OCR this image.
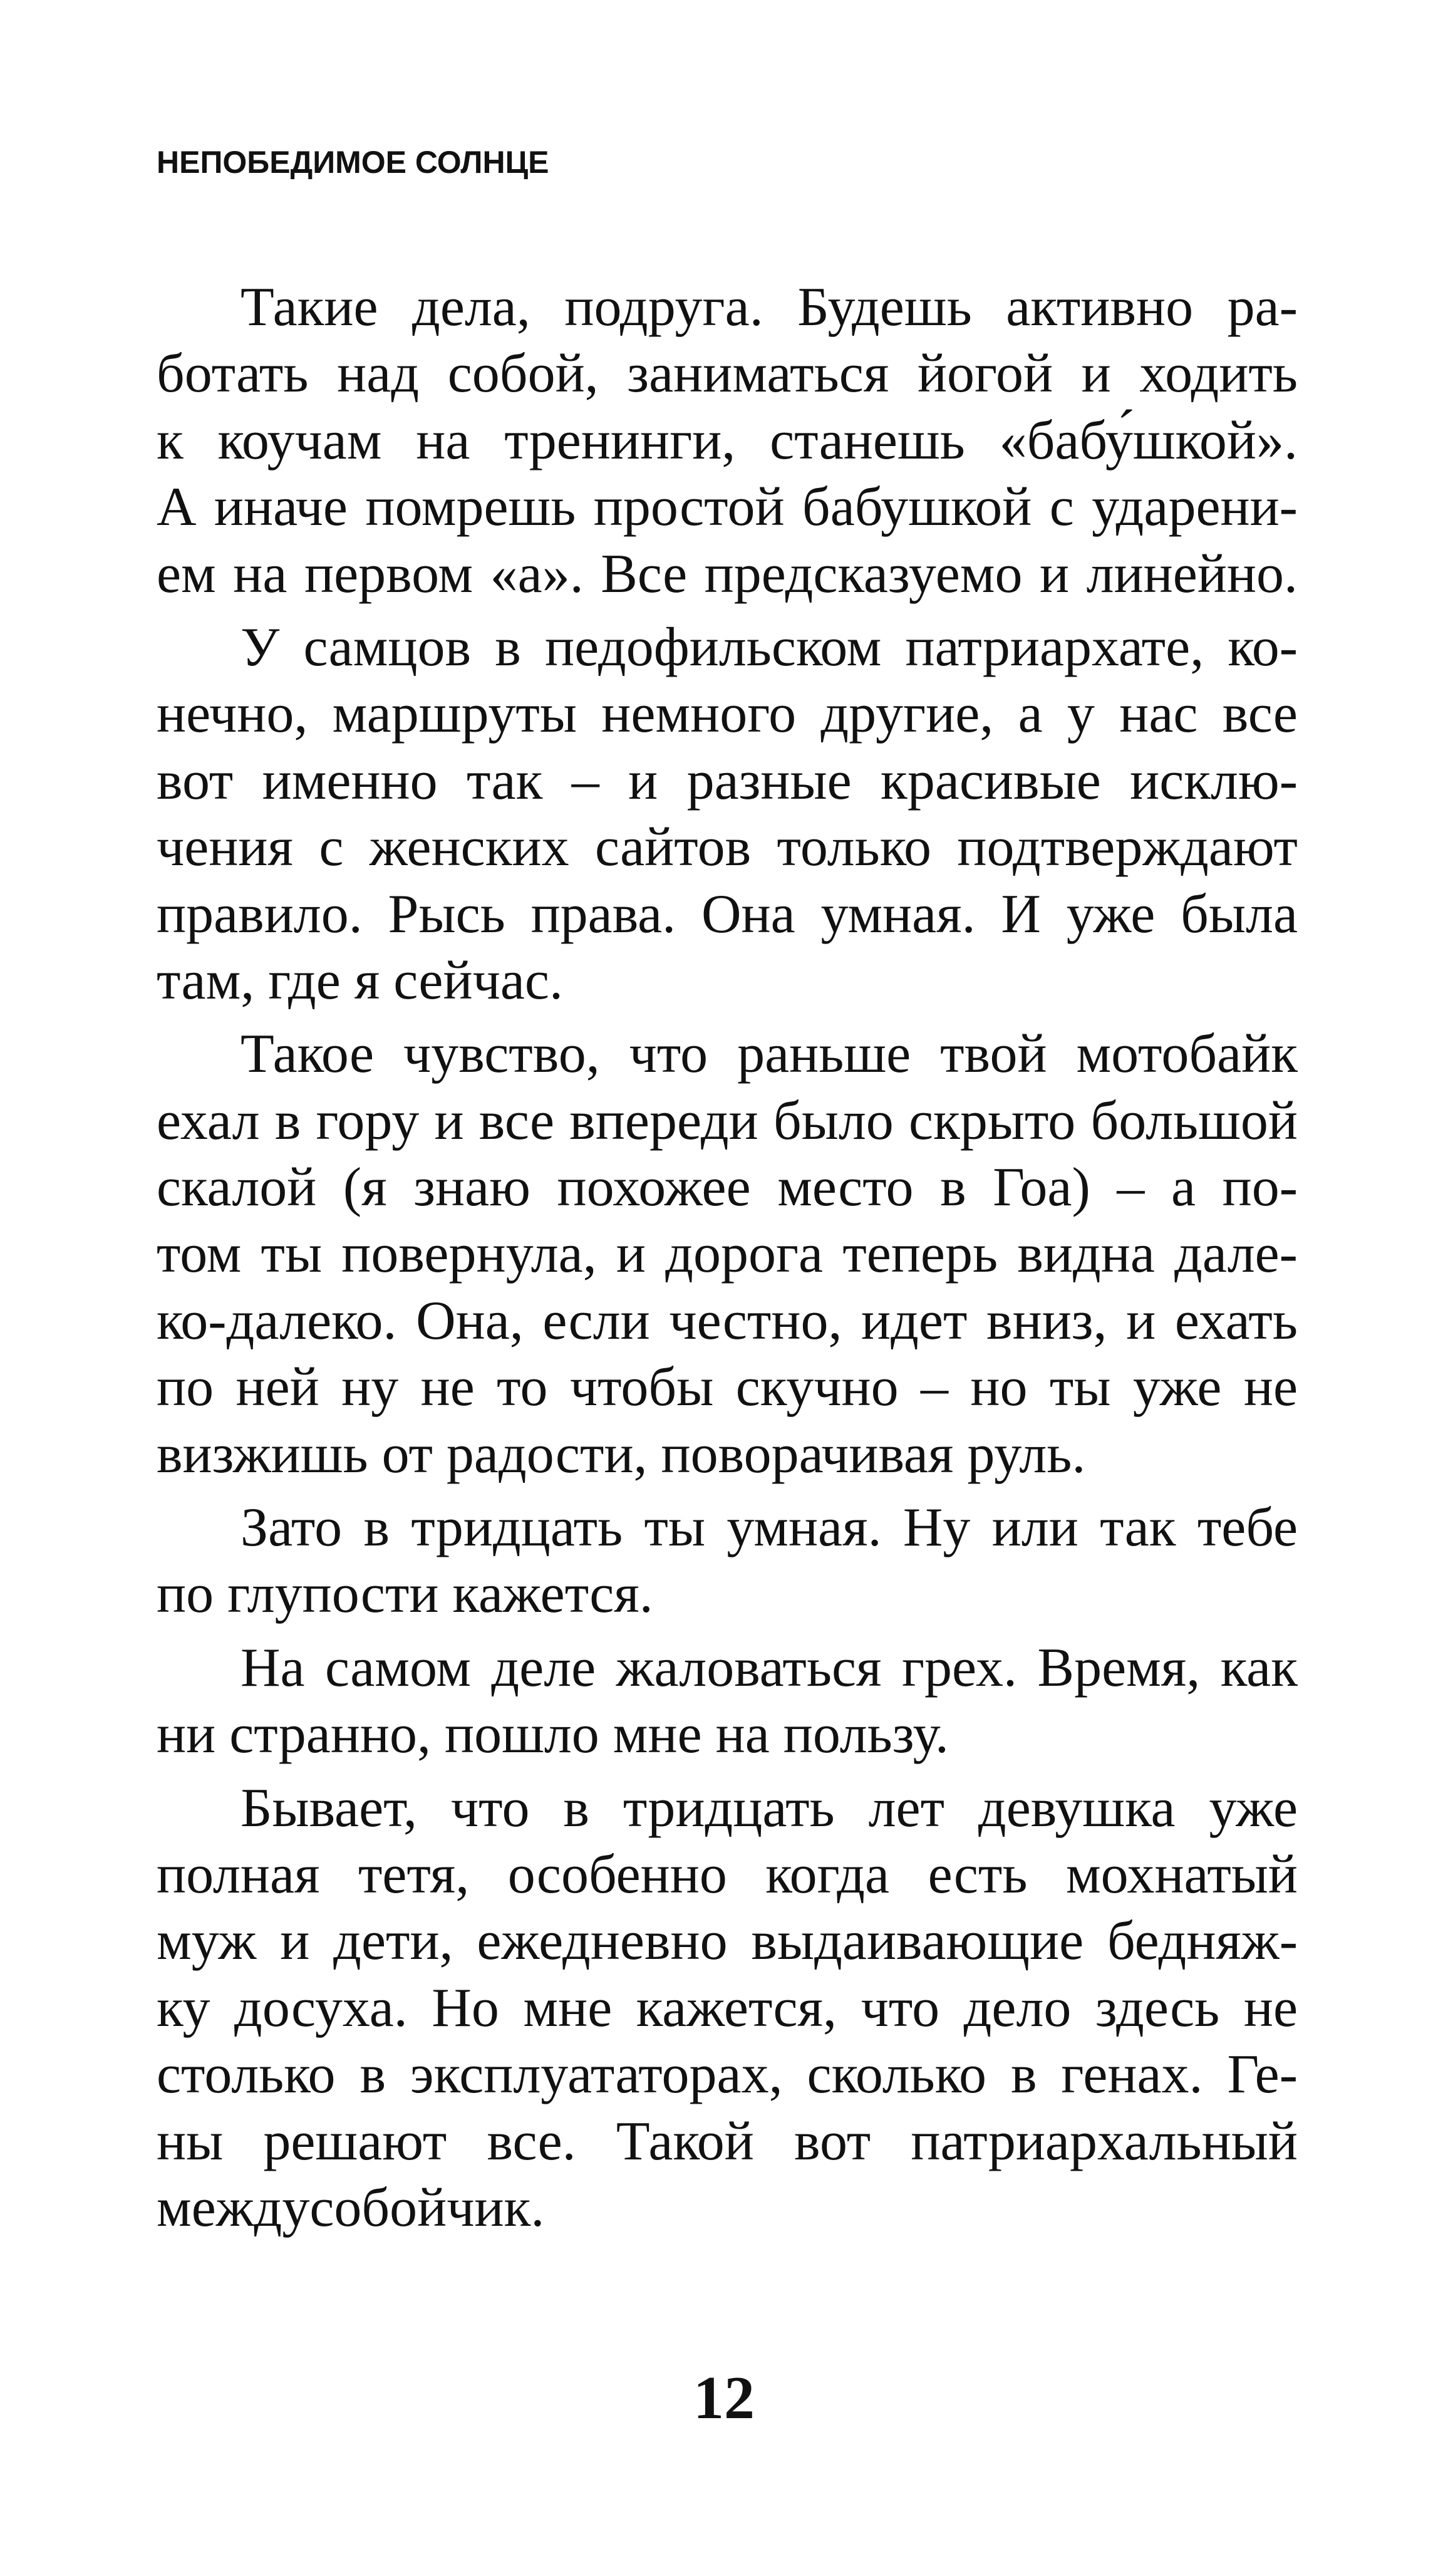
НЕПОБЕДИМОЕ СОЛНЦЕ

Такие дела, подруга. Будешь активно ра-
ботать над собой, заниматься йогой и ходить
к коучам на тренинги, станешь «бабу́шкой».
А иначе помрешь простой бабушкой с ударени-
ем на первом «а». Все предсказуемо и линейно.

У самцов в педофильском патриархате, ко-
нечно, маршруты немного другие, а у нас все
вот именно так – и разные красивые исклю-
чения с женских сайтов только подтверждают
правило. Рысь права. Она умная. И уже была
там, где я сейчас.

Такое чувство, что раньше твой мотобайк
ехал в гору и все впереди было скрыто большой
скалой (я знаю похожее место в Гоа) – а по-
том ты повернула, и дорога теперь видна дале-
ко-далеко. Она, если честно, идет вниз, и ехать
по ней ну не то чтобы скучно – но ты уже не
визжишь от радости, поворачивая руль.

Зато в тридцать ты умная. Ну или так тебе
по глупости кажется.

На самом деле жаловаться грех. Время, как
ни странно, пошло мне на пользу.

Бывает, что в тридцать лет девушка уже
полная тетя, особенно когда есть мохнатый
муж и дети, ежедневно выдаивающие бедняж-
ку досуха. Но мне кажется, что дело здесь не
столько в эксплуататорах, сколько в генах. Ге-
ны решают все. Такой вот патриархальный
междусобойчик.

12
